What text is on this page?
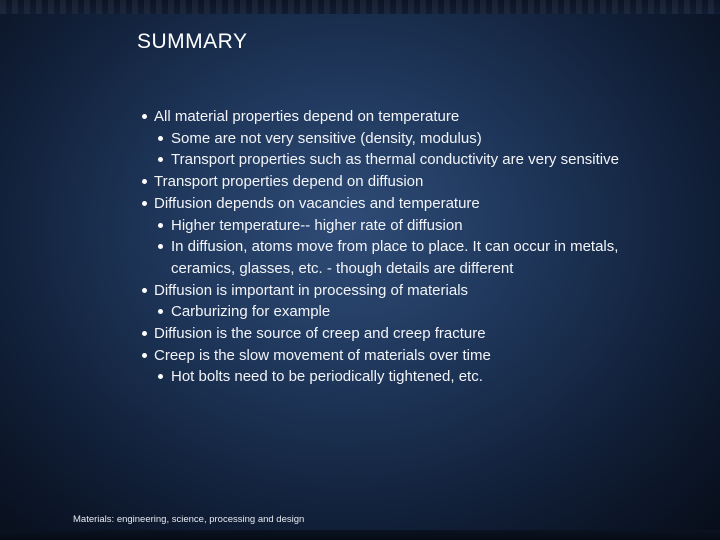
SUMMARY
All material properties depend on temperature
Some are not very sensitive (density, modulus)
Transport properties such as thermal conductivity are very sensitive
Transport properties depend on diffusion
Diffusion depends on vacancies and temperature
Higher temperature-- higher rate of diffusion
In diffusion, atoms move from place to place. It can occur in metals, ceramics, glasses, etc. - though details are different
Diffusion is important in processing of materials
Carburizing for example
Diffusion is the source of creep and creep fracture
Creep is the slow movement of materials over time
Hot bolts need to be periodically tightened, etc.
Materials: engineering, science, processing and design
